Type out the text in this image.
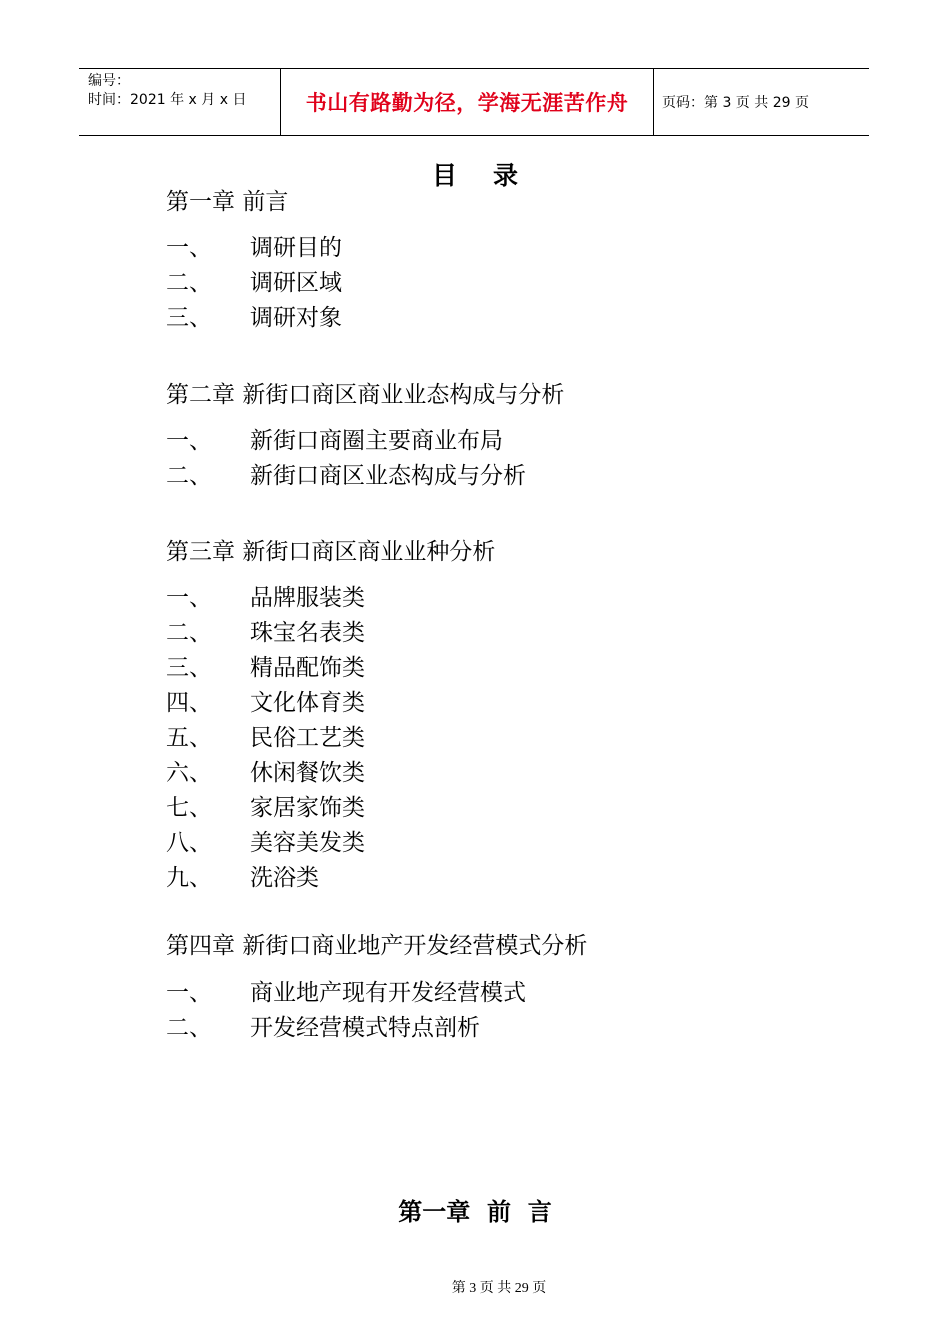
编号：
时间：2021 年 x 月 x 日	书山有路勤为径，学海无涯苦作舟 页码：第 3 页 共 29 页
目录
第一章 前言
一、 调研目的
二、 调研区域
三、 调研对象
第二章 新街口商区商业业态构成与分析
一、 新街口商圈主要商业布局
二、 新街口商区业态构成与分析
第三章 新街口商区商业业种分析
一、 品牌服装类
二、 珠宝名表类
三、 精品配饰类
四、 文化体育类
五、 民俗工艺类
六、 休闲餐饮类
七、 家居家饰类
八、 美容美发类
九、 洗浴类
第四章 新街口商业地产开发经营模式分析
一、 商业地产现有开发经营模式
二、 开发经营模式特点剖析
第一章  前  言
第 3 页 共 29 页
